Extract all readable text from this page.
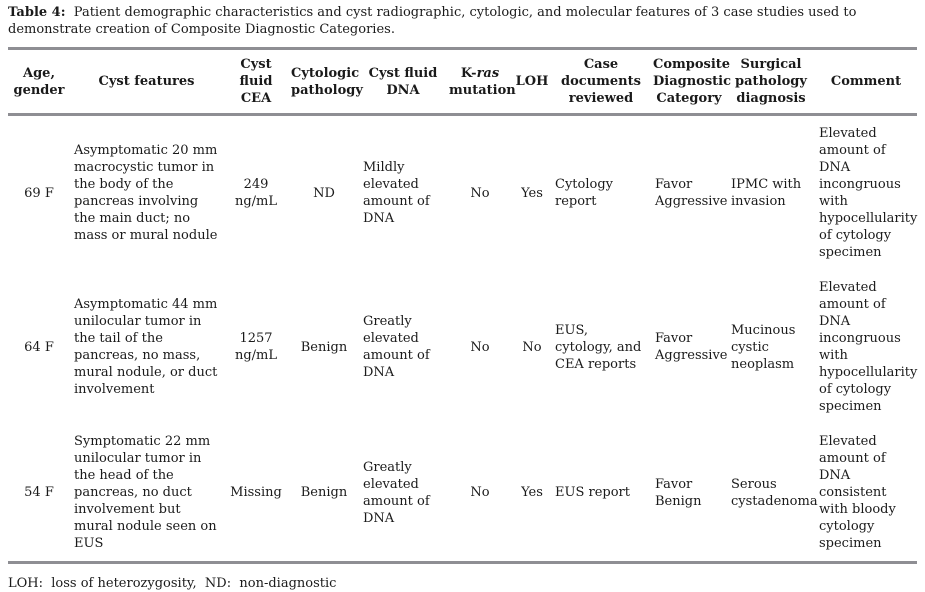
Table 4:  Patient demographic characteristics and cyst radiographic, cytologic, and molecular features of 3 case studies used to demonstrate creation of Composite Diagnostic Categories.

Age, gender	Cyst features	Cyst fluid CEA	Cytologic pathology	Cyst fluid DNA	K-ras mutation	LOH	Case documents reviewed	Composite Diagnostic Category	Surgical pathology diagnosis	Comment
69 F	Asymptomatic 20 mm macrocystic tumor in the body of the pancreas involving the main duct; no mass or mural nodule	249 ng/mL	ND	Mildly elevated amount of DNA	No	Yes	Cytology report	Favor Aggressive	IPMC with invasion	Elevated amount of DNA incongruous with hypocellularity of cytology specimen
64 F	Asymptomatic 44 mm unilocular tumor in the tail of the pancreas, no mass, mural nodule, or duct involvement	1257 ng/mL	Benign	Greatly elevated amount of DNA	No	No	EUS, cytology, and CEA reports	Favor Aggressive	Mucinous cystic neoplasm	Elevated amount of DNA incongruous with hypocellularity of cytology specimen
54 F	Symptomatic 22 mm unilocular tumor in the head of the pancreas, no duct involvement but mural nodule seen on EUS	Missing	Benign	Greatly elevated amount of DNA	No	Yes	EUS report	Favor Benign	Serous cystadenoma	Elevated amount of DNA consistent with bloody cytology specimen

LOH:  loss of heterozygosity,  ND:  non-diagnostic
